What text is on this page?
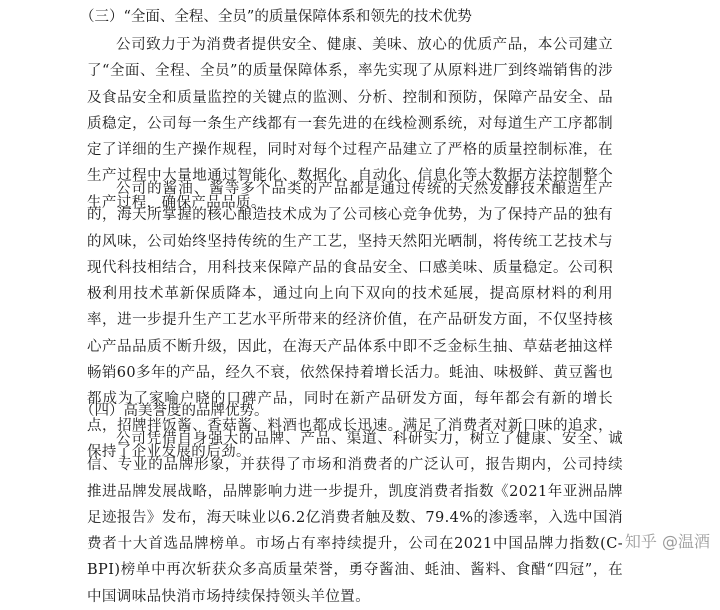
（三）“全面、全程、全员”的质量保障体系和领先的技术优势
公司致力于为消费者提供安全、健康、美味、放心的优质产品，本公司建立了“全面、全程、全员”的质量保障体系，率先实现了从原料进厂到终端销售的涉及食品安全和质量监控的关键点的监测、分析、控制和预防，保障产品安全、品质稳定，公司每一条生产线都有一套先进的在线检测系统，对每道生产工序都制定了详细的生产操作规程，同时对每个过程产品建立了严格的质量控制标准，在生产过程中大量地通过智能化、数据化、自动化、信息化等大数据方法控制整个生产过程，确保产品品质。
公司的酱油、酱等多个品类的产品都是通过传统的天然发酵技术酿造生产的，海天所掌握的核心酿造技术成为了公司核心竞争优势，为了保持产品的独有的风味，公司始终坚持传统的生产工艺，坚持天然阳光晒制，将传统工艺技术与现代科技相结合，用科技来保障产品的食品安全、口感美味、质量稳定。公司积极利用技术革新保质降本，通过向上向下双向的技术延展，提高原材料的利用率，进一步提升生产工艺水平所带来的经济价值，在产品研发方面，不仅坚持核心产品品质不断升级，因此，在海天产品体系中即不乏金标生抽、草菇老抽这样畅销60多年的产品，经久不衰，依然保持着增长活力。蚝油、味极鲜、黄豆酱也都成为了家喻户晓的口碑产品，同时在新产品研发方面，每年都会有新的增长点，招牌拌饭酱、香菇酱、料酒也都成长迅速。满足了消费者对新口味的追求，保持了企业发展的后劲。
（四）高美誉度的品牌优势。
公司凭借自身强大的品牌、产品、渠道、科研实力，树立了健康、安全、诚信、专业的品牌形象，并获得了市场和消费者的广泛认可，报告期内，公司持续推进品牌发展战略，品牌影响力进一步提升，凯度消费者指数《2021年亚洲品牌足迹报告》发布，海天味业以6.2亿消费者触及数、79.4%的渗透率，入选中国消费者十大首选品牌榜单。市场占有率持续提升，公司在2021中国品牌力指数(C-BPI)榜单中再次斩获众多高质量荣誉，勇夺酱油、蚝油、酱料、食醋“四冠”，在中国调味品快消市场持续保持领头羊位置。
知乎 @温酒
